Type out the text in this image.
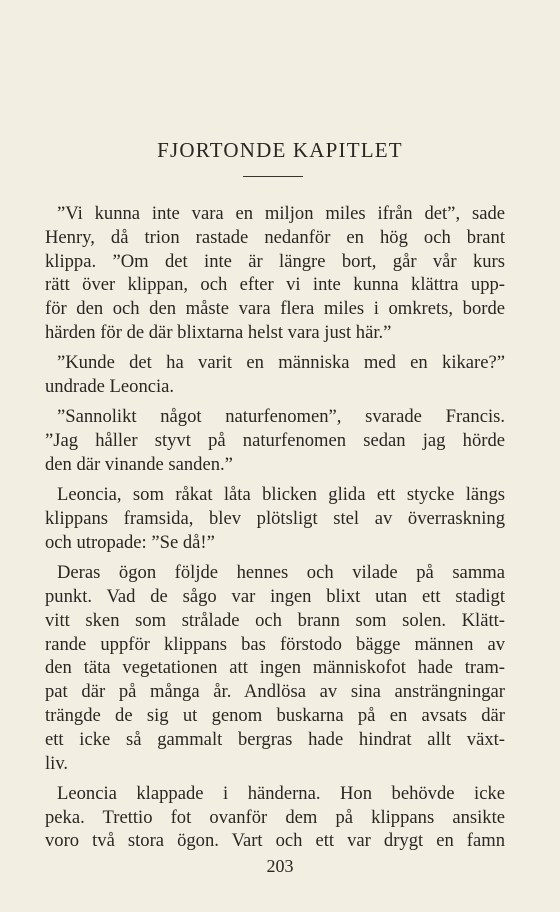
FJORTONDE KAPITLET
”Vi kunna inte vara en miljon miles ifrån det”, sade
Henry, då trion rastade nedanför en hög och brant
klippa. ”Om det inte är längre bort, går vår kurs
rätt över klippan, och efter vi inte kunna klättra upp-
för den och den måste vara flera miles i omkrets, borde
härden för de där blixtarna helst vara just här.”
”Kunde det ha varit en människa med en kikare?”
undrade Leoncia.
”Sannolikt något naturfenomen”, svarade Francis.
”Jag håller styvt på naturfenomen sedan jag hörde
den där vinande sanden.”
Leoncia, som råkat låta blicken glida ett stycke längs
klippans framsida, blev plötsligt stel av överraskning
och utropade: ”Se då!”
Deras ögon följde hennes och vilade på samma
punkt. Vad de sågo var ingen blixt utan ett stadigt
vitt sken som strålade och brann som solen. Klätt-
rande uppför klippans bas förstodo bägge männen av
den täta vegetationen att ingen människofot hade tram-
pat där på många år. Andlösa av sina ansträngningar
trängde de sig ut genom buskarna på en avsats där
ett icke så gammalt bergras hade hindrat allt växt-
liv.
Leoncia klappade i händerna. Hon behövde icke
peka. Trettio fot ovanför dem på klippans ansikte
voro två stora ögon. Vart och ett var drygt en famn
203
